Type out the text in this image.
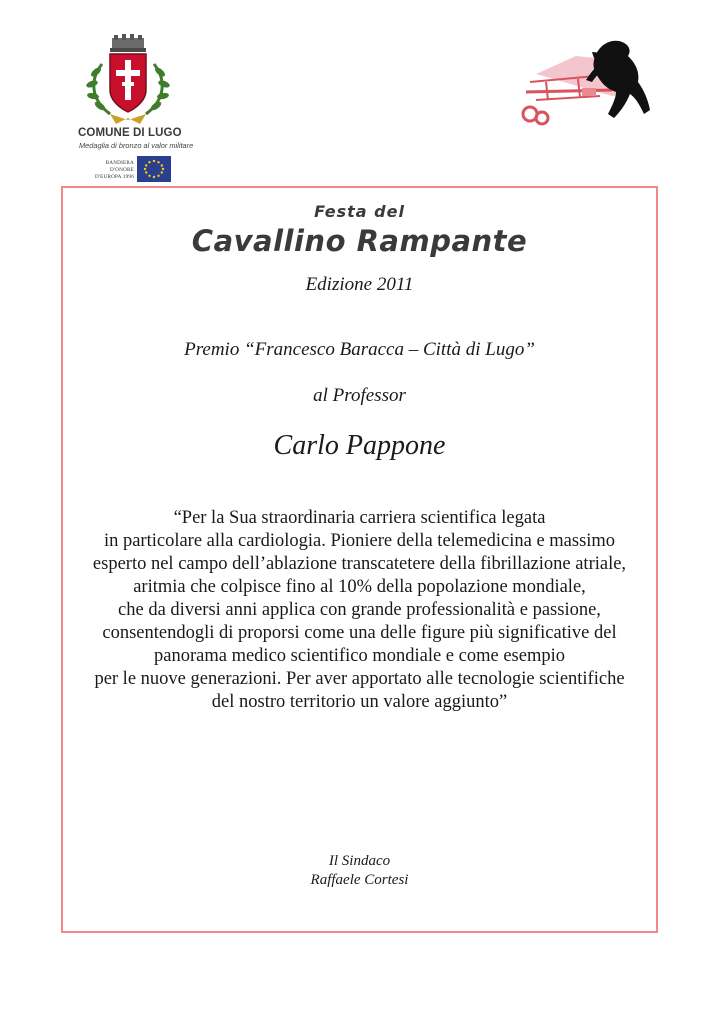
COMUNE DI LUGO
Medaglia di bronzo al valor militare
BANDIERA D'ONORE
D'EUROPA 1996
Festa del
Cavallino Rampante
Edizione 2011
Premio “Francesco Baracca – Città di Lugo”
al Professor
Carlo Pappone
“Per la Sua straordinaria carriera scientifica legata
in particolare alla cardiologia. Pioniere della telemedicina e massimo
esperto nel campo dell’ablazione transcatetere della fibrillazione atriale,
aritmia che colpisce fino al 10% della popolazione mondiale,
che da diversi anni applica con grande professionalità e passione,
consentendogli di proporsi come una delle figure più significative del
panorama medico scientifico mondiale e come esempio
per le nuove generazioni. Per aver apportato alle tecnologie scientifiche
del nostro territorio un valore aggiunto”
Il Sindaco
Raffaele Cortesi
